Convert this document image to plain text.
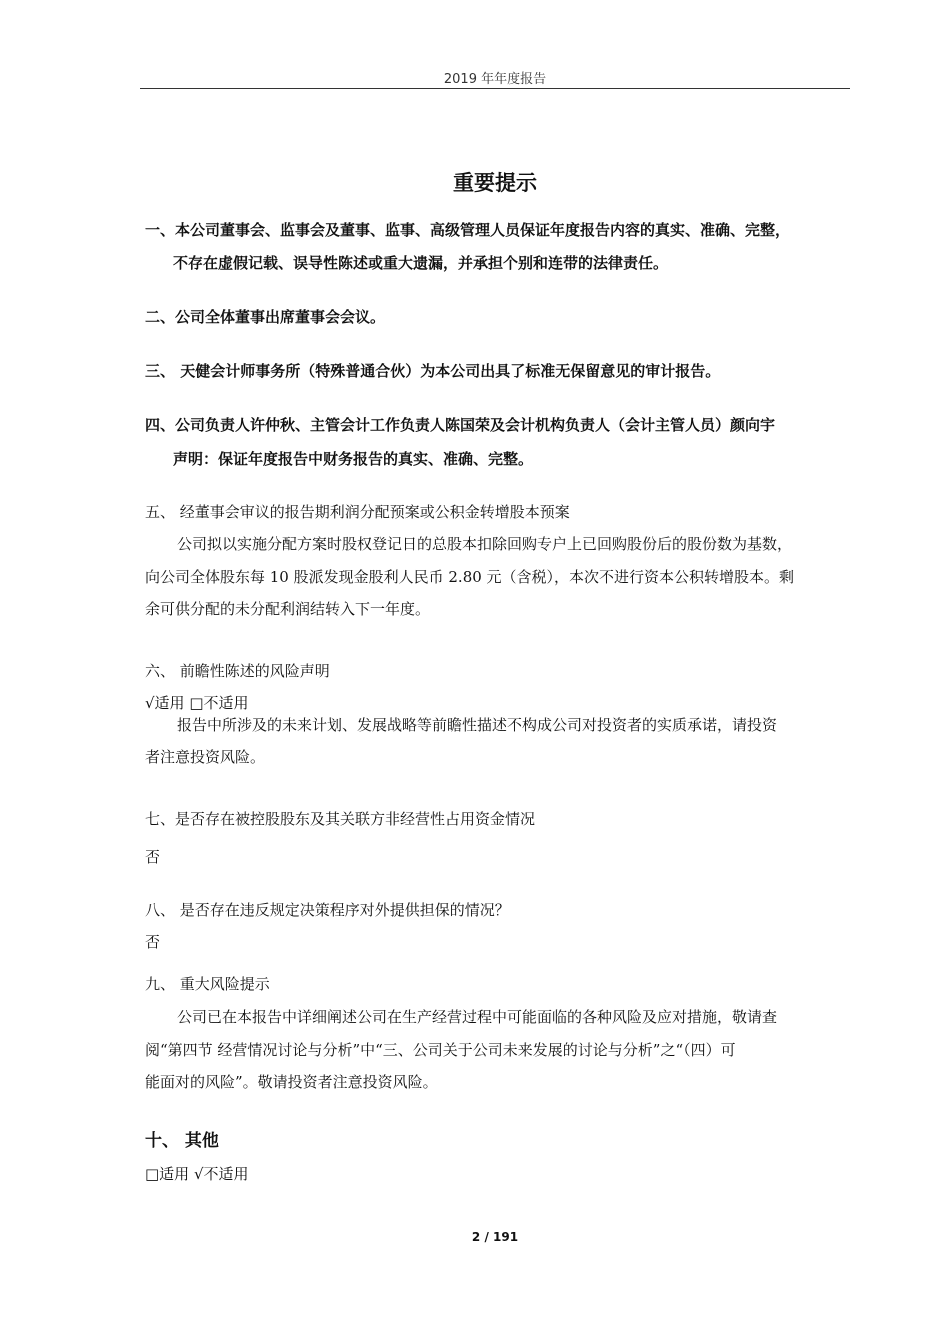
2019 年年度报告
重要提示
一、本公司董事会、监事会及董事、监事、高级管理人员保证年度报告内容的真实、准确、完整，
不存在虚假记载、误导性陈述或重大遗漏，并承担个别和连带的法律责任。
二、公司全体董事出席董事会会议。
三、 天健会计师事务所（特殊普通合伙）为本公司出具了标准无保留意见的审计报告。
四、公司负责人许仲秋、主管会计工作负责人陈国荣及会计机构负责人（会计主管人员）颜向宇
声明：保证年度报告中财务报告的真实、准确、完整。
五、 经董事会审议的报告期利润分配预案或公积金转增股本预案
公司拟以实施分配方案时股权登记日的总股本扣除回购专户上已回购股份后的股份数为基数，
向公司全体股东每 10 股派发现金股利人民币 2.80 元（含税），本次不进行资本公积转增股本。剩
余可供分配的未分配利润结转入下一年度。
六、 前瞻性陈述的风险声明
√适用 □不适用
报告中所涉及的未来计划、发展战略等前瞻性描述不构成公司对投资者的实质承诺，请投资
者注意投资风险。
七、是否存在被控股股东及其关联方非经营性占用资金情况
否
八、 是否存在违反规定决策程序对外提供担保的情况？
否
九、 重大风险提示
公司已在本报告中详细阐述公司在生产经营过程中可能面临的各种风险及应对措施，敬请查
阅“第四节 经营情况讨论与分析”中“三、公司关于公司未来发展的讨论与分析”之“（四）可
能面对的风险”。敬请投资者注意投资风险。
十、 其他
□适用 √不适用
2 / 191
